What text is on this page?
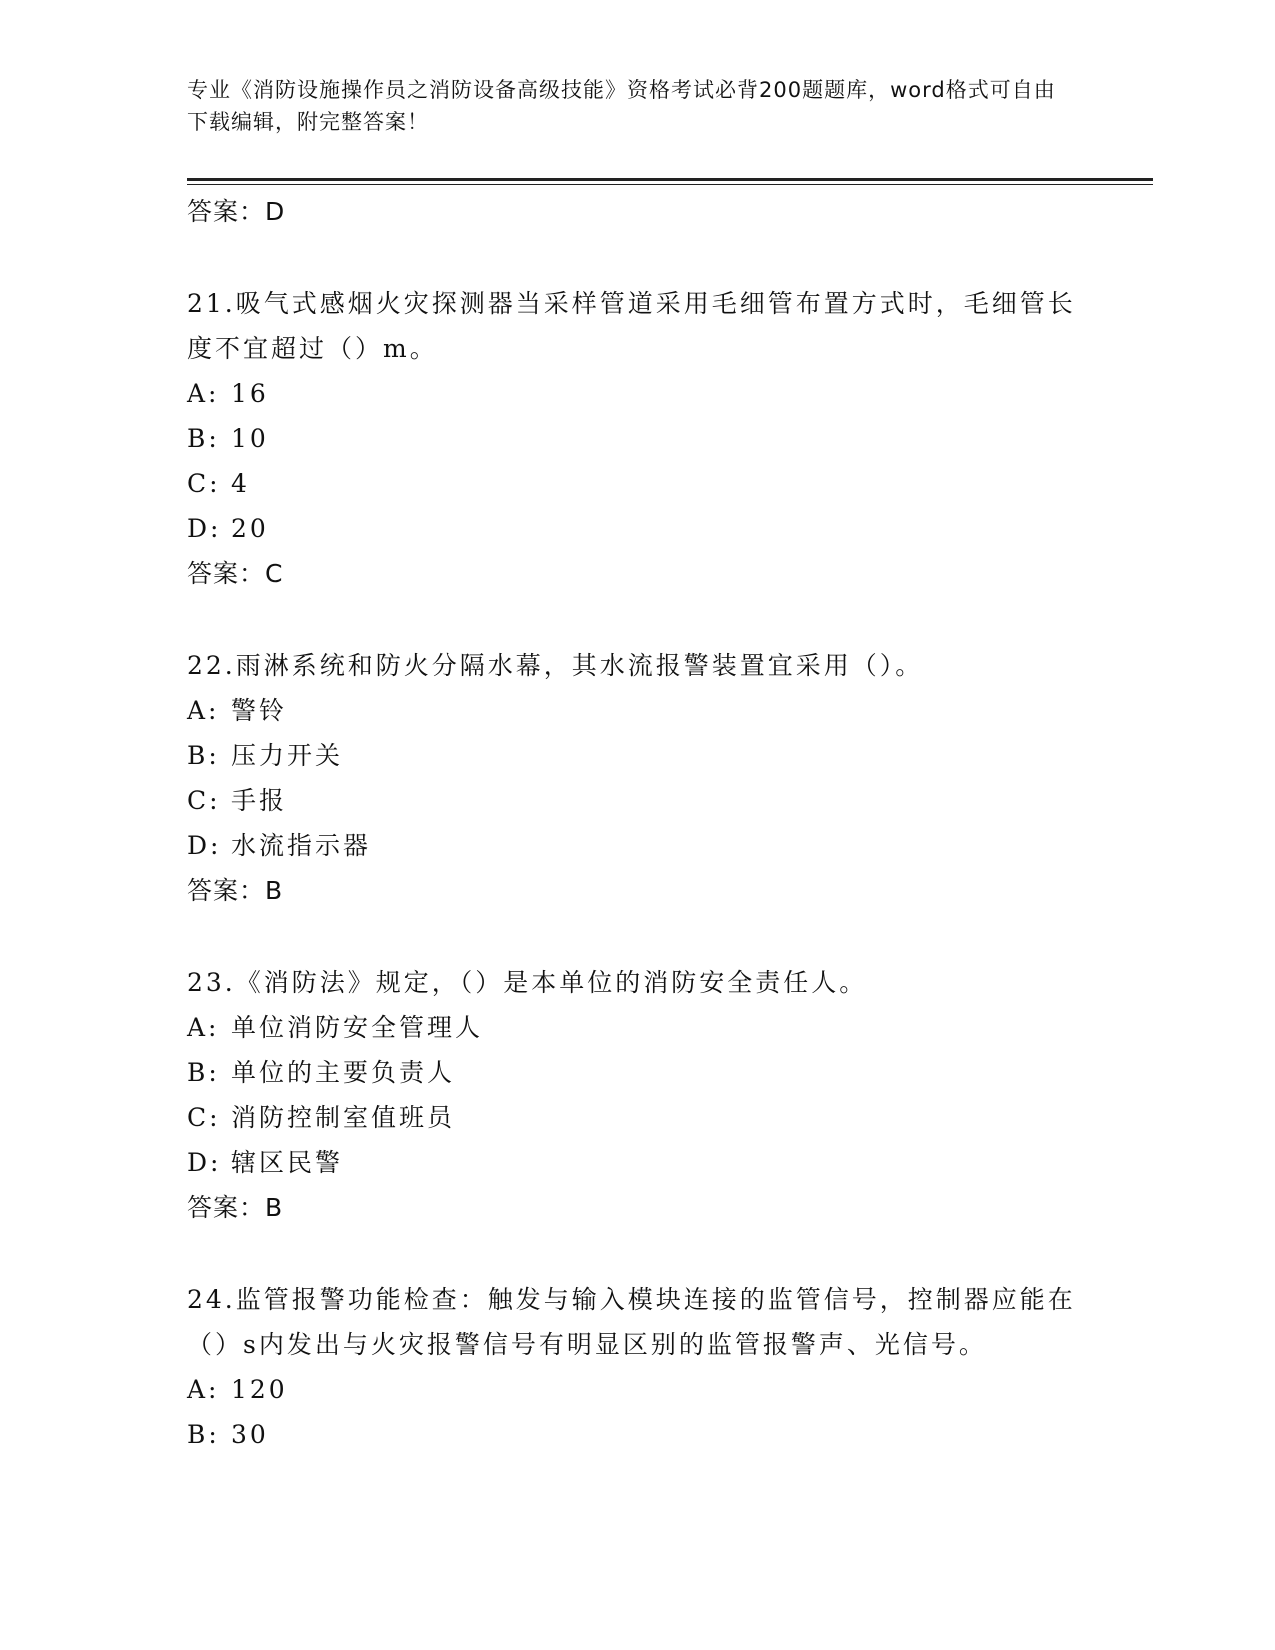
专业《消防设施操作员之消防设备高级技能》资格考试必背200题题库，word格式可自由下载编辑，附完整答案！
答案：D
21.吸气式感烟火灾探测器当采样管道采用毛细管布置方式时，毛细管长度不宜超过（）m。
A: 16
B: 10
C: 4
D: 20
答案：C
22.雨淋系统和防火分隔水幕，其水流报警装置宜采用（）。
A: 警铃
B: 压力开关
C: 手报
D: 水流指示器
答案：B
23.《消防法》规定，（）是本单位的消防安全责任人。
A: 单位消防安全管理人
B: 单位的主要负责人
C: 消防控制室值班员
D: 辖区民警
答案：B
24.监管报警功能检查：触发与输入模块连接的监管信号，控制器应能在（）s内发出与火灾报警信号有明显区别的监管报警声、光信号。
A: 120
B: 30
